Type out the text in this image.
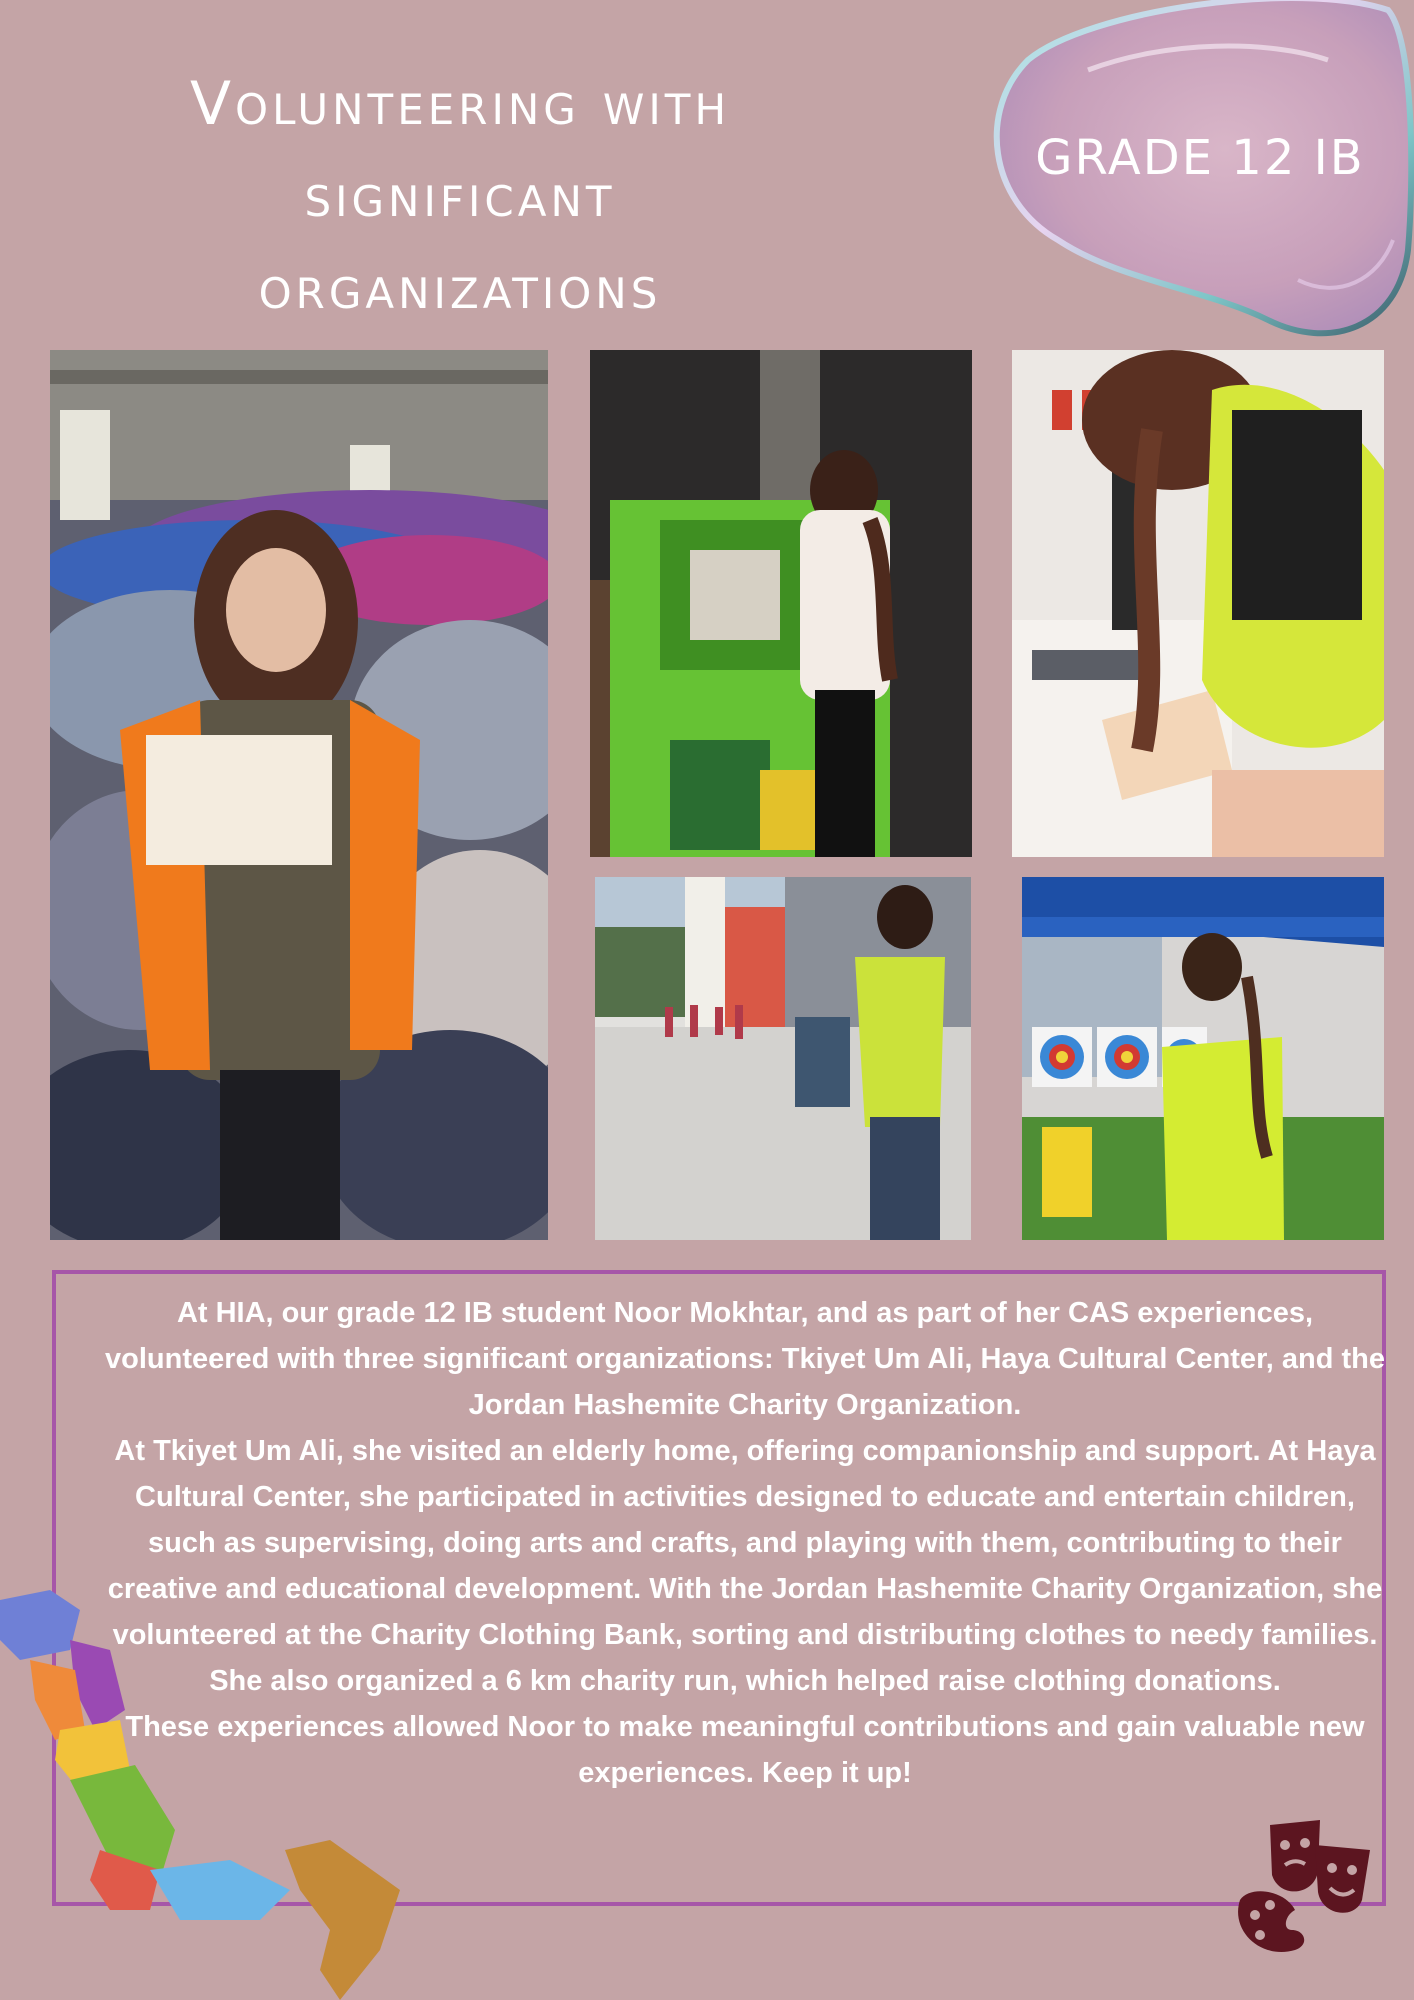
Volunteering with
significant
organizations
GRADE 12 IB

At HIA, our grade 12 IB student Noor Mokhtar, and as part of her CAS experiences, volunteered with three significant organizations: Tkiyet Um Ali, Haya Cultural Center, and the Jordan Hashemite Charity Organization.

At Tkiyet Um Ali, she visited an elderly home, offering companionship and support. At Haya Cultural Center, she participated in activities designed to educate and entertain children, such as supervising, doing arts and crafts, and playing with them, contributing to their creative and educational development. With the Jordan Hashemite Charity Organization, she volunteered at the Charity Clothing Bank, sorting and distributing clothes to needy families. She also organized a 6 km charity run, which helped raise clothing donations.

These experiences allowed Noor to make meaningful contributions and gain valuable new experiences. Keep it up!
